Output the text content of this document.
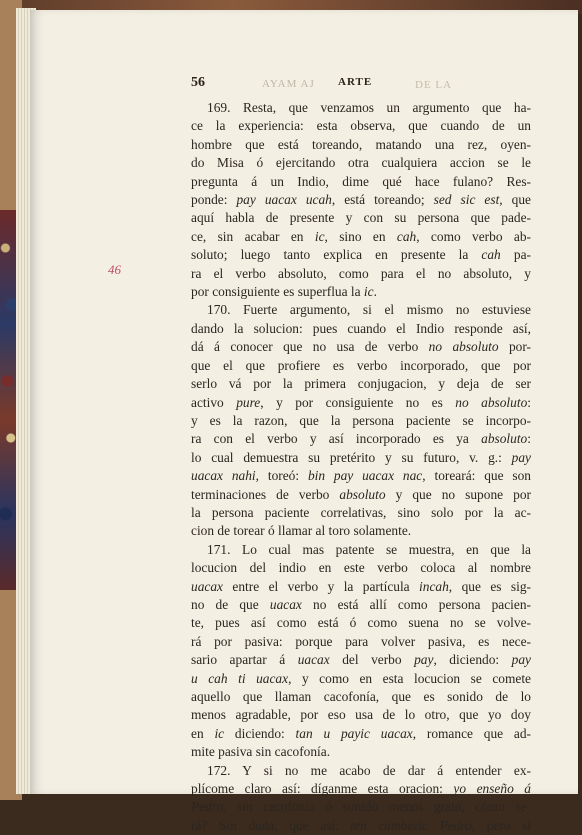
AYAM AJ	DE LA
56	ARTE
46
169. Resta, que venzamos un argumento que ha-
ce la experiencia: esta observa, que cuando de un
hombre que está toreando, matando una rez, oyen-
do Misa ó ejercitando otra cualquiera accion se le
pregunta á un Indio, dime qué hace fulano? Res-
ponde: pay uacax ucah, está toreando; sed sic est, que
aquí habla de presente y con su persona que pade-
ce, sin acabar en ic, sino en cah, como verbo ab-
soluto; luego tanto explica en presente la cah pa-
ra el verbo absoluto, como para el no absoluto, y
por consiguiente es superflua la ic.
170. Fuerte argumento, si el mismo no estuviese
dando la solucion: pues cuando el Indio responde así,
dá á conocer que no usa de verbo no absoluto por-
que el que profiere es verbo incorporado, que por
serlo vá por la primera conjugacion, y deja de ser
activo pure, y por consiguiente no es no absoluto:
y es la razon, que la persona paciente se incorpo-
ra con el verbo y así incorporado es ya absoluto:
lo cual demuestra su pretérito y su futuro, v. g.: pay
uacax nahi, toreó: bin pay uacax nac, toreará: que son
terminaciones de verbo absoluto y que no supone por
la persona paciente correlativas, sino solo por la ac-
cion de torear ó llamar al toro solamente.
171. Lo cual mas patente se muestra, en que la
locucion del indio en este verbo coloca al nombre
uacax entre el verbo y la partícula incah, que es sig-
no de que uacax no está allí como persona pacien-
te, pues así como está ó como suena no se volve-
rá por pasiva: porque para volver pasiva, es nece-
sario apartar á uacax del verbo pay, diciendo: pay
u cah ti uacax, y como en esta locucion se comete
aquello que llaman cacofonía, que es sonido de lo
menos agradable, por eso usa de lo otro, que yo doy
en ic diciendo: tan u payic uacax, romance que ad-
mite pasiva sin cacofonía.
172. Y si no me acabo de dar á entender ex-
plícome claro así: díganme esta oracion: yo enseño á
Pedro, sin cacofonía ó sonido menos grato, cómo se-
rá? Sin duda, que así: ten cambezic Pedro, pero si
